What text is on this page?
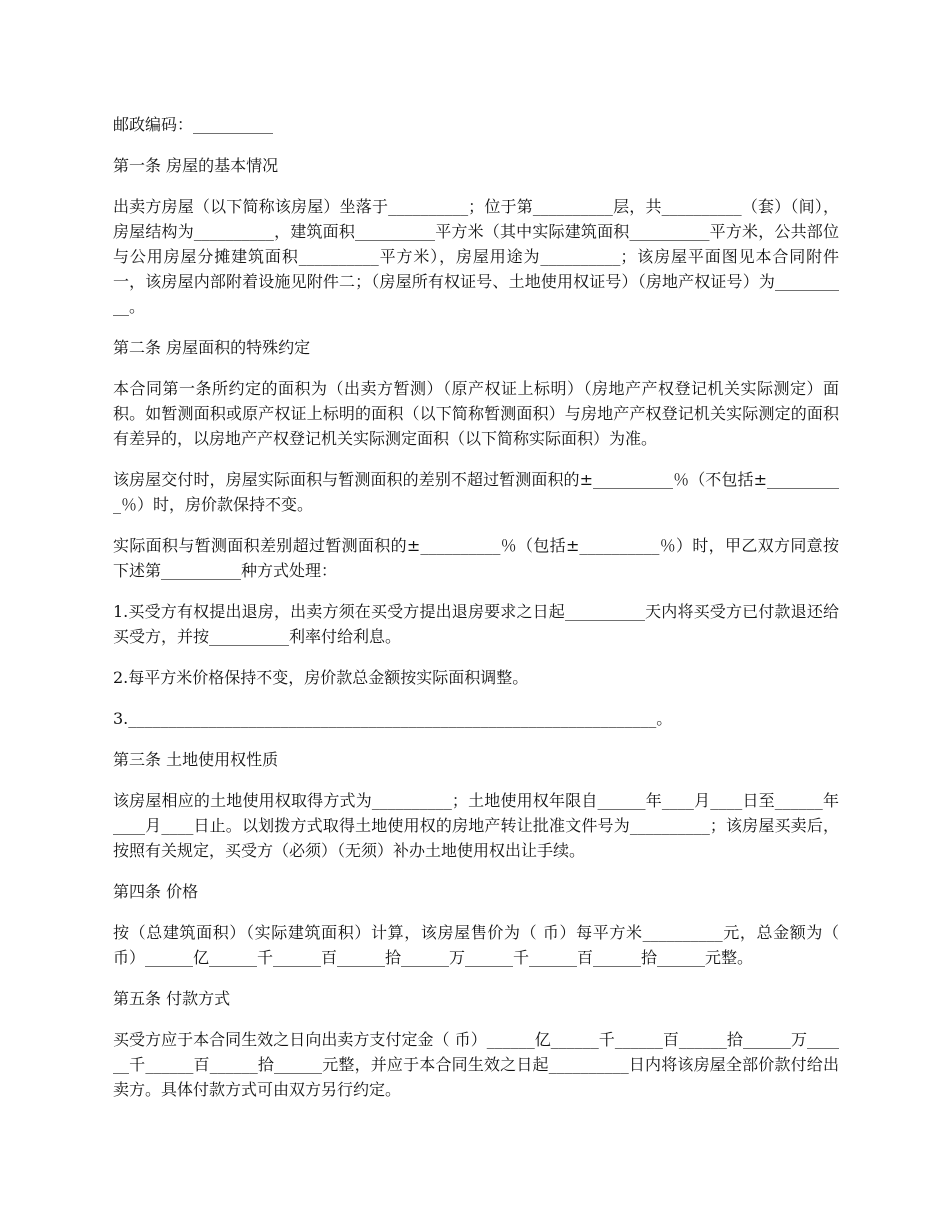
邮政编码：__________

第一条 房屋的基本情况

出卖方房屋（以下简称该房屋）坐落于__________；位于第__________层，共__________（套）（间），房屋结构为__________，建筑面积__________平方米（其中实际建筑面积__________平方米，公共部位与公用房屋分摊建筑面积__________平方米），房屋用途为__________；该房屋平面图见本合同附件一，该房屋内部附着设施见附件二；（房屋所有权证号、土地使用权证号）（房地产权证号）为__________。

第二条 房屋面积的特殊约定

本合同第一条所约定的面积为（出卖方暂测）（原产权证上标明）（房地产产权登记机关实际测定）面积。如暂测面积或原产权证上标明的面积（以下简称暂测面积）与房地产产权登记机关实际测定的面积有差异的，以房地产产权登记机关实际测定面积（以下简称实际面积）为准。

该房屋交付时，房屋实际面积与暂测面积的差别不超过暂测面积的±__________％（不包括±__________％）时，房价款保持不变。

实际面积与暂测面积差别超过暂测面积的±__________％（包括±__________％）时，甲乙双方同意按下述第__________种方式处理：

1.买受方有权提出退房，出卖方须在买受方提出退房要求之日起__________天内将买受方已付款退还给买受方，并按__________利率付给利息。

2.每平方米价格保持不变，房价款总金额按实际面积调整。

3.__________________________________________________________________。

第三条 土地使用权性质

该房屋相应的土地使用权取得方式为__________；土地使用权年限自______年____月____日至______年____月____日止。以划拨方式取得土地使用权的房地产转让批准文件号为__________；该房屋买卖后，按照有关规定，买受方（必须）（无须）补办土地使用权出让手续。

第四条 价格

按（总建筑面积）（实际建筑面积）计算，该房屋售价为（ 币）每平方米__________元，总金额为（ 币）______亿______千______百______拾______万______千______百______拾______元整。

第五条 付款方式

买受方应于本合同生效之日向出卖方支付定金（ 币）______亿______千______百______拾______万______千______百______拾______元整，并应于本合同生效之日起__________日内将该房屋全部价款付给出卖方。具体付款方式可由双方另行约定。
